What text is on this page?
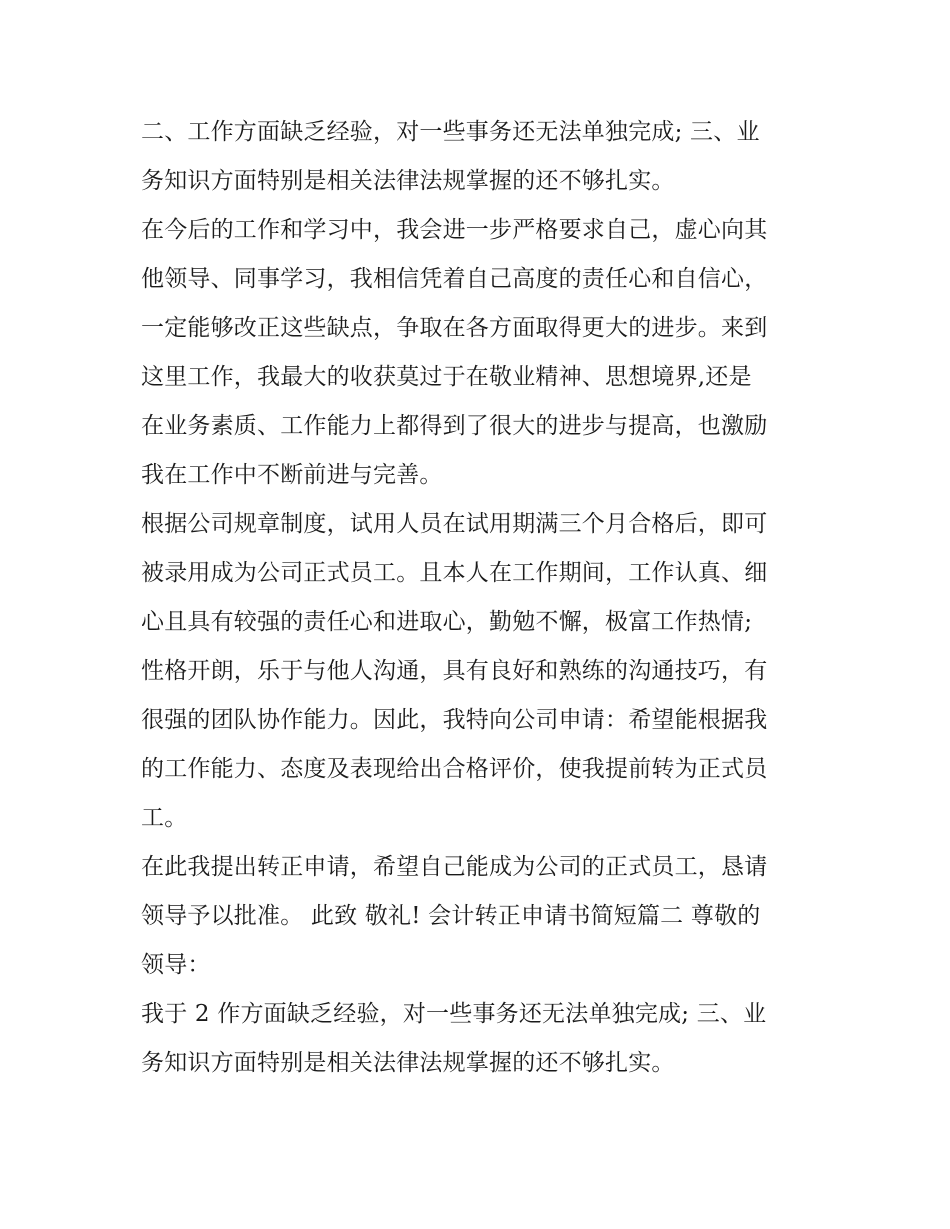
二、工作方面缺乏经验，对一些事务还无法单独完成; 三、业
务知识方面特别是相关法律法规掌握的还不够扎实。
在今后的工作和学习中，我会进一步严格要求自己，虚心向其
他领导、同事学习，我相信凭着自己高度的责任心和自信心，
一定能够改正这些缺点，争取在各方面取得更大的进步。来到
这里工作，我最大的收获莫过于在敬业精神、思想境界,还是
在业务素质、工作能力上都得到了很大的进步与提高，也激励
我在工作中不断前进与完善。
根据公司规章制度，试用人员在试用期满三个月合格后，即可
被录用成为公司正式员工。且本人在工作期间，工作认真、细
心且具有较强的责任心和进取心，勤勉不懈，极富工作热情;
性格开朗，乐于与他人沟通，具有良好和熟练的沟通技巧，有
很强的团队协作能力。因此，我特向公司申请：希望能根据我
的工作能力、态度及表现给出合格评价，使我提前转为正式员
工。
在此我提出转正申请，希望自己能成为公司的正式员工，恳请
领导予以批准。 此致 敬礼! 会计转正申请书简短篇二 尊敬的
领导：
我于 2 作方面缺乏经验，对一些事务还无法单独完成; 三、业
务知识方面特别是相关法律法规掌握的还不够扎实。
